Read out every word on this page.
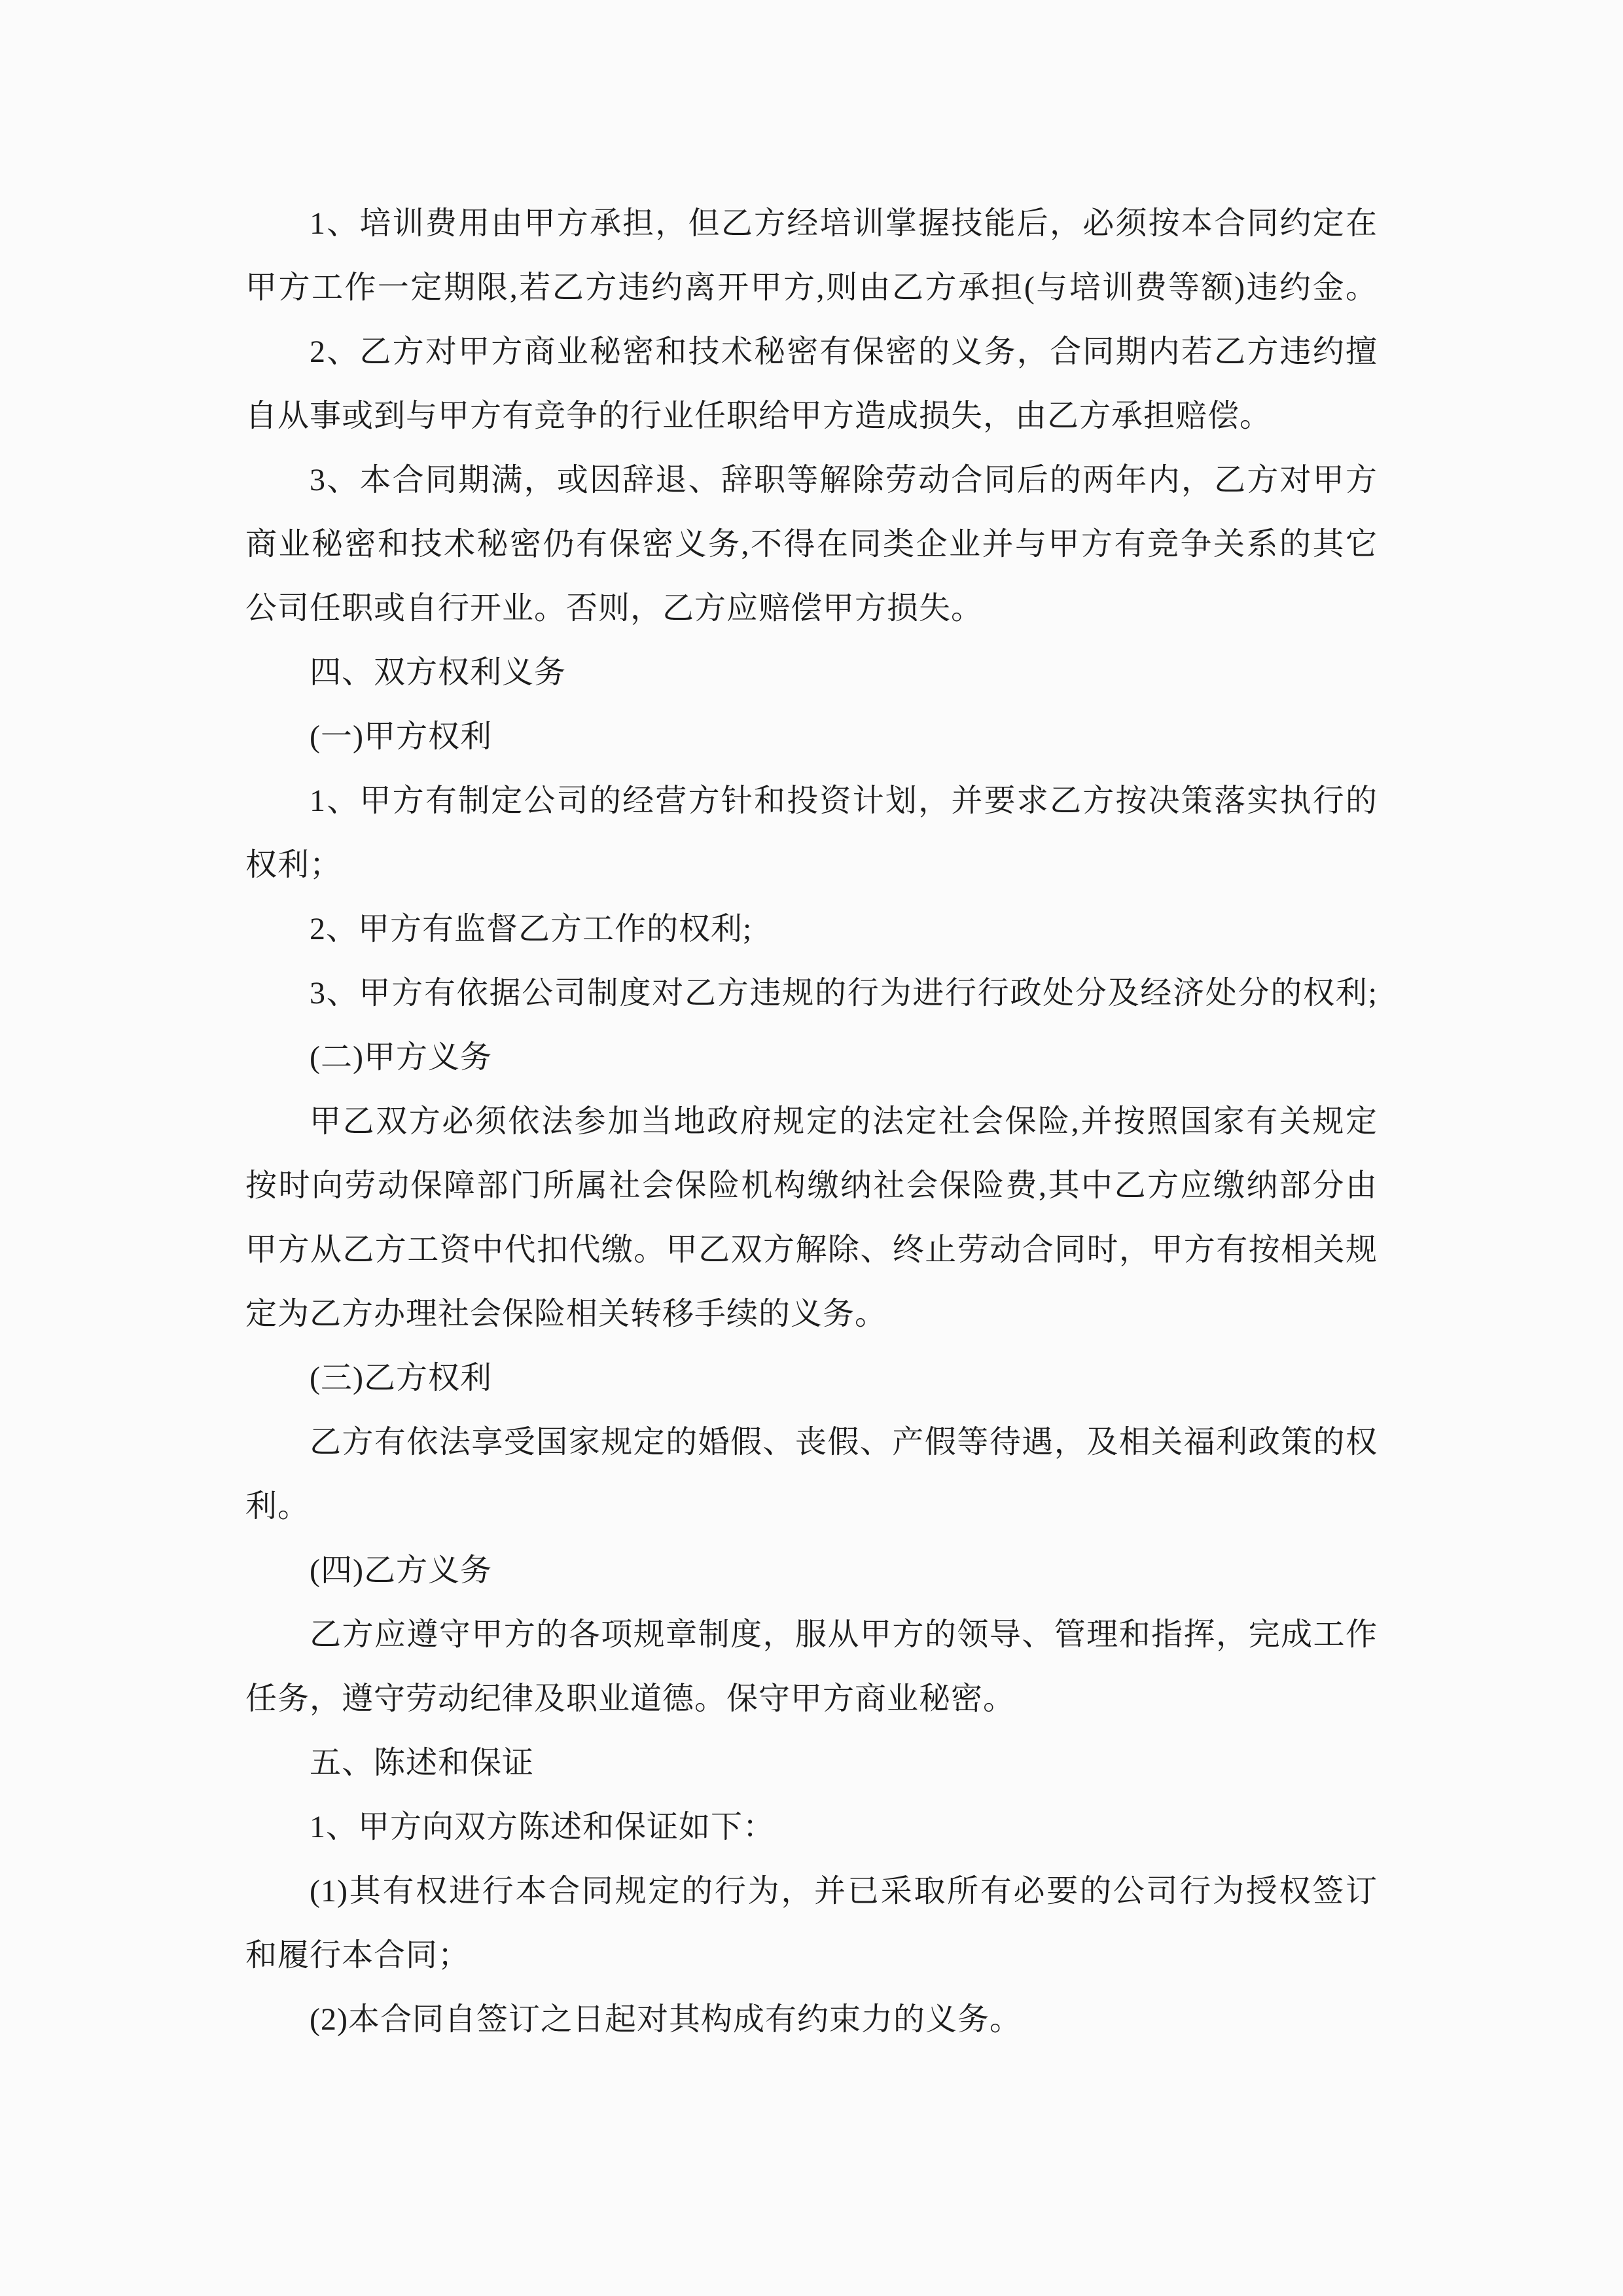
1、培训费用由甲方承担，但乙方经培训掌握技能后，必须按本合同约定在
甲方工作一定期限,若乙方违约离开甲方,则由乙方承担(与培训费等额)违约金。
2、乙方对甲方商业秘密和技术秘密有保密的义务，合同期内若乙方违约擅
自从事或到与甲方有竞争的行业任职给甲方造成损失，由乙方承担赔偿。
3、本合同期满，或因辞退、辞职等解除劳动合同后的两年内，乙方对甲方
商业秘密和技术秘密仍有保密义务,不得在同类企业并与甲方有竞争关系的其它
公司任职或自行开业。否则，乙方应赔偿甲方损失。
四、双方权利义务
(一)甲方权利
1、甲方有制定公司的经营方针和投资计划，并要求乙方按决策落实执行的
权利；
2、甲方有监督乙方工作的权利;
3、甲方有依据公司制度对乙方违规的行为进行行政处分及经济处分的权利;
(二)甲方义务
甲乙双方必须依法参加当地政府规定的法定社会保险,并按照国家有关规定
按时向劳动保障部门所属社会保险机构缴纳社会保险费,其中乙方应缴纳部分由
甲方从乙方工资中代扣代缴。甲乙双方解除、终止劳动合同时，甲方有按相关规
定为乙方办理社会保险相关转移手续的义务。
(三)乙方权利
乙方有依法享受国家规定的婚假、丧假、产假等待遇，及相关福利政策的权
利。
(四)乙方义务
乙方应遵守甲方的各项规章制度，服从甲方的领导、管理和指挥，完成工作
任务，遵守劳动纪律及职业道德。保守甲方商业秘密。
五、陈述和保证
1、甲方向双方陈述和保证如下：
(1)其有权进行本合同规定的行为，并已采取所有必要的公司行为授权签订
和履行本合同；
(2)本合同自签订之日起对其构成有约束力的义务。
